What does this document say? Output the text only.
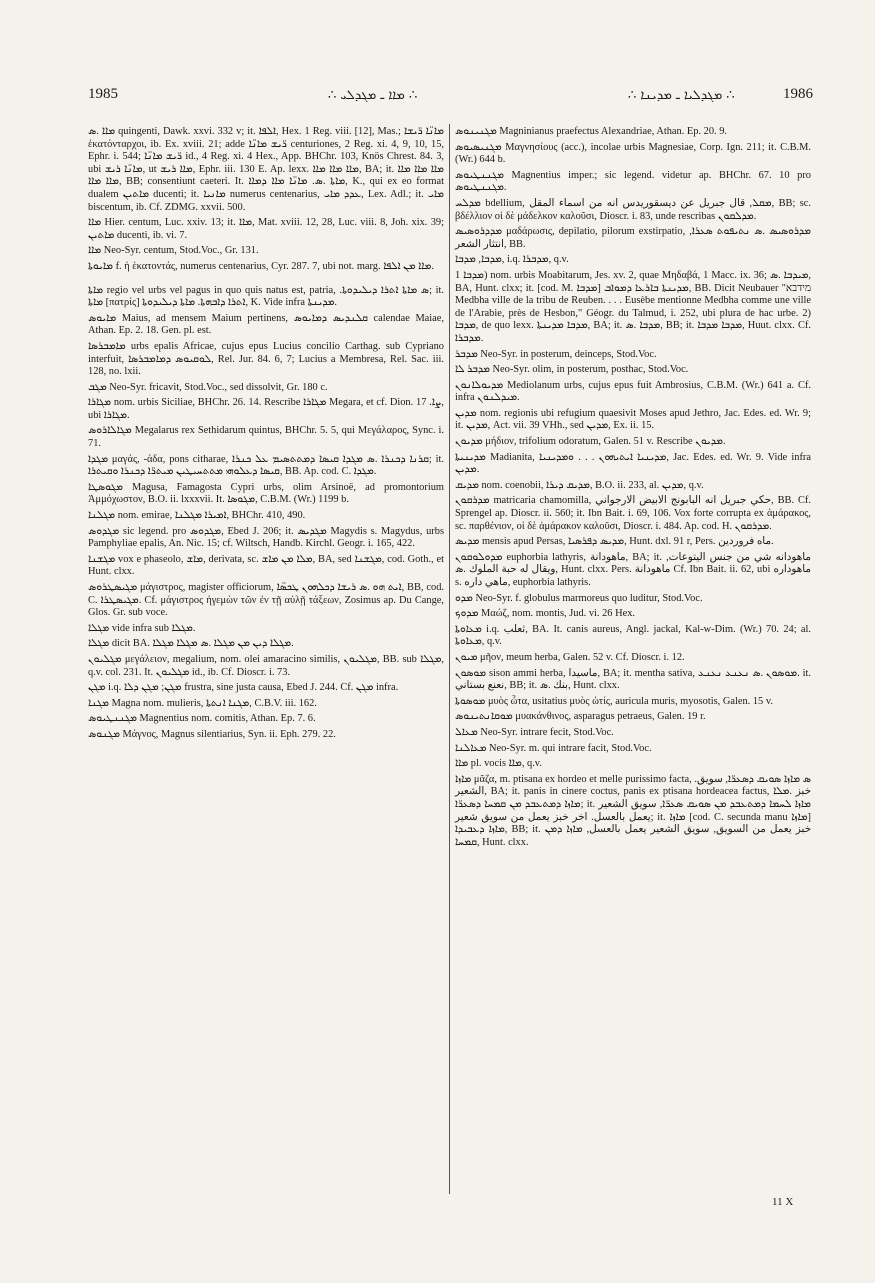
1985	∴ ܡܐܐ ـ ܡܓܕܠܝ ∴	∴ ܡܓܕܠܝܐ ـ ܡܕܝܢܐ ∴	1986

ܡܐܐ .ܣ quingenti, Dawk. xxvi. 332 v; it. ܐܠܦܐ, Hex. 1 Reg. viii. [12], Mas.; ܡܐܢ̈ܐ ܪ̈ܝܫܐ ἑκατόνταρχοι, ib. Ex. xviii. 21; adde ܪ̈ܝܫ ܡܐܢ̈ܐ centuriones, 2 Reg. xi. 4, 9, 10, 15, Ephr. i. 544; ܪ̈ܝܫ ܡܐܢ̈ܐ id., 4 Reg. xi. 4 Hex., App. BHChr. 103, Knös Chrest. 84. 3, ubi ܡܐܢ̈ܐ ܪܝܫ, ut ܡܐܐ ܪܝܫ, Ephr. iii. 130 E. Ap. lexx. ܡܐܐ ܡܐܐ ܡܐܐ, BA; it. ܡܐܐ ܡܐܐ ܡܐܐ ܡܐܐ ܡܐܐ, BB; consentiunt caeteri. It. ܡܐܬܐ .ܣ. ܡܐܢ̈ܐ ܡܐܐ ܕܡܐܐ, K., qui ex eo format dualem ܡܐܬܝܢ ducenti; it. ܡܐܢܝܐ numerus centenarius, ܥܕܕ ܡܐܝ, Lex. Adl.; it. ܡܐܝ biscentum, ib. Cf. ZDMG. xxvii. 500.

ܡܐܐ Hier. centum, Luc. xxiv. 13; it. ܡܐܐ, Mat. xviii. 12, 28, Luc. viii. 8, Joh. xix. 39; ܡܐܬܝܢ ducenti, ib. vi. 7.

ܡܐܐ Neo-Syr. centum, Stod.Voc., Gr. 131.

ܡܐܝܘܬܐ f. ἡ ἑκατοντάς, numerus centenarius, Cyr. 287. 7, ubi not. marg. ܡܐܐ ܡܢ ܐܠܦܐ.

ܡܐܬܐ regio vel urbs vel pagus in quo quis natus est, patria, .ܣ ܡܐܬܐ ܐܬܪܐ ܕܝܠܝܕܘܬܐ; it. ܡܐܬܐ [πατρίς] ܐܬܪܐ ܕܐܒܗܬܐ. ܡܐܬܐ ܕܝܠܝܕܘܬܐ, K. Vide infra ܡܕܝܢܬܐ.

ܡܐܝܘܣ Maius, ad mensem Maium pertinens, ܩܠܢܕܝܣ ܕܡܐܝܘܣ calendae Maiae, Athan. Ep. 2. 18. Gen. pl. est.

ܡܐܡܒܪܣܐ urbs epalis Africae, cujus epus Lucius concilio Carthag. sub Cypriano interfuit, ܠܘܩܝܘܣ ܕܡܐܡܒܪܣܐ, Rel. Jur. 84. 6, 7; Lucius a Membresa, Rel. Sac. iii. 128, no. lxii.

ܡܓܒ Neo-Syr. fricavit, Stod.Voc., sed dissolvit, Gr. 180 c.

ܡܓܐܪܐ nom. urbis Siciliae, BHChr. 26. 14. Rescribe ܡܓܐܪܐ Megara, et cf. Dion. ܨܐ. 17, ubi ܡܓܐܪܐ.

ܡܓܐܠܐܪܘܣ Megalarus rex Sethidarum quintus, BHChr. 5. 5, qui Μεγάλαρος, Sync. i. 71.

ܡܓܕܐ μαγάς, -άδα, pons citharae, ܩܪܢܐ ܕܟܢܪܐ .ܣ ܡܓܕܐ ܩܝܣܐ ܕܡܬܬܣܝܡ ܥܠ ܟܢܪܐ; it. ܩܝܣܐ ܕܥܠܘܗܝ ܡܬܬܚܝܛܝܢ ܡܝܬܪ̈ܐ ܕܟܢܪܐ ܘܩܝܬܪܐ, BB. Ap. cod. C. ܡܓܕܐ.

ܡܓܘܣܛܐ Magusa, Famagosta Cypri urbs, olim Arsinoë, ad promontorium Ἀμμόχωστον, B.O. ii. lxxxvii. It. ܡܓܘܣܐ, C.B.M. (Wr.) 1199 b.

ܡܓܠܢܐ nom. emirae, ܐܡܝܪܐ ܡܓܠܢܐ, BHChr. 410, 490.

ܡܓܕܘܣ sic legend. pro ܡܓܕܘܣ, Ebed J. 206; it. ܡܓܕܝܣ Magydis s. Magydus, urbs Pamphyliae epalis, An. Nic. 15; cf. Wiltsch, Handb. Kirchl. Geogr. i. 165, 422.

ܡܓܫܢܐ vox e phaseolo, ܡܐܫ, derivata, sc. ܡܠܐ ܡܢ ܡܐܫ, BA, sed ܡܓܫܢܐ, cod. Goth., et Hunt. clxx.

ܡܓܝܣܛܪܘܣ μάγιστρος, magister officiorum, ܐܝܬ ܗܘ .ܣ ܪܝܫܐ ܕܟܠܗܘܢ ܛܟܣ̈ܐ, BB, cod. C. ܡܓܝܣܛܪܐ. Cf. μάγιστρος ἡγεμὼν τῶν ἐν τῇ αὐλῇ τάξεων, Zosimus ap. Du Cange, Glos. Gr. sub voce.

ܡܓܠܐ vide infra sub ܡܓܠܐ.

ܡܓܠܐ dicit BA. ܡܓܠܐ ܕܝܢ ܡܢ ܡܓܠܐ .ܣ ܡܓܠܐ ܡܓܠܐ.

ܡܓܠܝܘܢ μεγάλειον, megalium, nom. olei amaracino similis, ܡܓܠܝܘܢ, BB. sub ܡܓܠܐ, q.v. col. 231. It. ܡܓܠܝܘܢ id., ib. Cf. Dioscr. i. 73.

ܡܓܢ i.q. ܡܓܢ; ܡܓܢ ܕܠܐ frustra, sine justa causa, Ebed J. 244. Cf. ܡܓܢ infra.

ܡܓܢܐ Magna nom. mulieris, ܡܓܢܐ ܐܢܬܬܐ, C.B.V. iii. 162.

ܡܓܢܢܛܝܘܣ Magnentius nom. comitis, Athan. Ep. 7. 6.

ܡܓܢܘܣ Μάγνος, Magnus silentiarius, Syn. ii. Eph. 279. 22.

ܡܓܢܝܢܘܣ Magninianus praefectus Alexandriae, Athan. Ep. 20. 9.

ܡܓܢܝܣܝܘܣ Μαγνησίους (acc.), incolae urbis Magnesiae, Corp. Ign. 211; it. C.B.M. (Wr.) 644 b.

ܡܓܢܢܛܝܘܣ Magnentius imper.; sic legend. videtur ap. BHChr. 67. 10 pro ܡܓܢܢܛܝܘܣ.

ܡܕܠܚ bdellium, ܡܩܠ, قال جبريل عن ديسقوريدس انه من اسماء المقل, BB; sc. βδέλλιον οἱ δὲ μάδελκον καλοῦσι, Dioscr. i. 83, unde rescribas ܡܕܠܩܘܢ.

ܡܕܕܪܘܣܝܣ μαδάρωσις, depilatio, pilorum exstirpatio, ܡܕܪܘܣܝܣ .ܣ ܢܬܝܦܘܬ ܣܥܪܐ, انتثار الشعر, BB.

ܡܕܒܐ, ܡܕܒܐ, i.q. ܡܕܒܪܐ, q.v.

ܡܕܒܐ 1) nom. urbis Moabitarum, Jes. xv. 2, quae Μηδαβά, 1 Macc. ix. 36; ܡܝܕܒܐ .ܣ, BA, Hunt. clxx; it. [cod. M. ܡܕܒܐ] ܡܕܝܢܬܐ ܒܐܪܥܐ ܕܡܘܐܒ, BB. Dicit Neubauer "מידבא Medbha ville de la tribu de Reuben. . . . Eusèbe mentionne Medbha comme une ville de l'Arabie, près de Hesbon," Géogr. du Talmud, i. 252, ubi plura de hac urbe. 2) ܡܕܒܐ, de quo lexx. ܡܕܒܐ ܡܕܝܢܬܐ, BA; it. ܡܕܒܐ .ܣ, BB; it. ܡܕܒܐ ܡܕܒܐ, Huut. clxx. Cf. ܡܕܒܪܐ.

ܡܕܒܪ Neo-Syr. in posterum, deinceps, Stod.Voc.

ܡܕܒܪ ܠܐ Neo-Syr. olim, in posterum, posthac, Stod.Voc.

ܡܕܝܘܠܐܢܘܢ Mediolanum urbs, cujus epus fuit Ambrosius, C.B.M. (Wr.) 641 a. Cf. infra ܡܝܕܠܢܘܢ.

ܡܕܝܢ nom. regionis ubi refugium quaesivit Moses apud Jethro, Jac. Edes. ed. Wr. 9; it. ܡܕܝܢ, Act. vii. 39 VHh., sed ܡܕܝܢ, Ex. ii. 15.

ܡܕܝܘܢ μήδιον, trifolium odoratum, Galen. 51 v. Rescribe ܡܕܝܘܢ.

ܡܕܝܢܝܬܐ Madianita, ܡܕܝܢܝܐ ܐܝܬܝܗܘܢ . . . ܘܡܕܝܢܝܐ, Jac. Edes. ed. Wr. 9. Vide infra ܡܕܝܢ.

ܡܕܝܩ nom. coenobii, ܡܕܝܩ ܕܝܪܐ, B.O. ii. 233, al. ܡܕܝܢ, q.v.

ܡܕܪܩܘܢ matricaria chamomilla, حكي جبريل انه البابونج الابيض الارجواني, BB. Cf. Sprengel ap. Dioscr. ii. 560; it. Ibn Bait. i. 69, 106. Vox forte corrupta ex ἀμάρακος, sc. παρθένιον, οἱ δὲ ἀμάρακον καλοῦσι, Dioscr. i. 484. Ap. cod. H. ܡܕܪܩܘܢ.

ܡܕܝܣ mensis apud Persas, ܡܕܝܣ ܕܦܪܣܝܐ, Hunt. dxl. 91 r, Pers. ماه فروردين.

ܡܕܘܠܘܩܘܢ euphorbia lathyris, ماهودانة, BA; it. ماهودانه شي من جنس اليتوعات, ويقال له حبة الملوك .ܣ, Hunt. clxx. Pers. ماهودانة Cf. Ibn Bait. ii. 62, ubi ماهوداره s. ماهي داره, euphorbia lathyris.

ܡܕܘ Neo-Syr. f. globulus marmoreus quo luditur, Stod.Voc.

ܡܕܘܟ Μαώζ, nom. montis, Jud. vi. 26 Hex.

ܡܥܐܘܬܐ i.q. ثعلب, BA. It. canis aureus, Angl. jackal, Kal-w-Dim. (Wr.) 70. 24; al. ܡܥܐܘܬܐ, q.v.

ܡܝܘܢ μῆον, meum herba, Galen. 52 v. Cf. Dioscr. i. 12.

ܡܘܣܘܢ sison ammi herba, ماسيدا, BA; it. mentha sativa, ܡܘܣܘܢ .ܣ ܢܥܢܥ ܢܥܢܥ. it. نعنع بستاني, BB; it. بنك .ܣ, Hunt. clxx.

ܡܘܣܘܬܐ μυὸς ὦτα, usitatius μυὸς ὠτίς, auricula muris, myosotis, Galen. 15 v.

ܡܘܩܐܢܬܝܢܘܣ μυακάνθινος, asparagus petraeus, Galen. 19 r.

ܡܥܐܠ Neo-Syr. intrare fecit, Stod.Voc.

ܡܥܐܠܢܐ Neo-Syr. m. qui intrare facit, Stod.Voc.

ܡܐܐ pl. vocis ܡܐܐ, q.v.

ܡܐܙܐ μᾶζα, m. ptisana ex hordeo et melle purissimo facta, .ܣ ܡܐܙܐ ܣܘܝܩ ܕܣܥܪ̈ܐ, سويق الشعير, BA; it. panis in cinere coctus, panis ex ptisana hordeacea factus, خبز .ܡܠܐ ܡܐܙܐ ܕܡܬܥܒܕ ܡܢ ܩܡܚܐ ܕܣܥܪ̈ܐ; it. ܡܐܙܐ ܠܚܡܐ ܕܡܬܥܒܕ ܡܢ ܣܘܝܩ ܣܥܪ̈ܐ, سويق الشعير يعمل بالعسل. اخر خبز يعمل من سويق شعير; it. ܡܐܙܐ [cod. C. secunda manu ܡܐܙܐ] ܡܐܙܐ ܕܥܒܝܕܐ, BB; it. خبز يعمل من السويق, سويق الشعير يعمل بالعسل, ܡܐܙܐ ܕܡܢ ܩܡܚܐ, Hunt. clxx.

11 X
